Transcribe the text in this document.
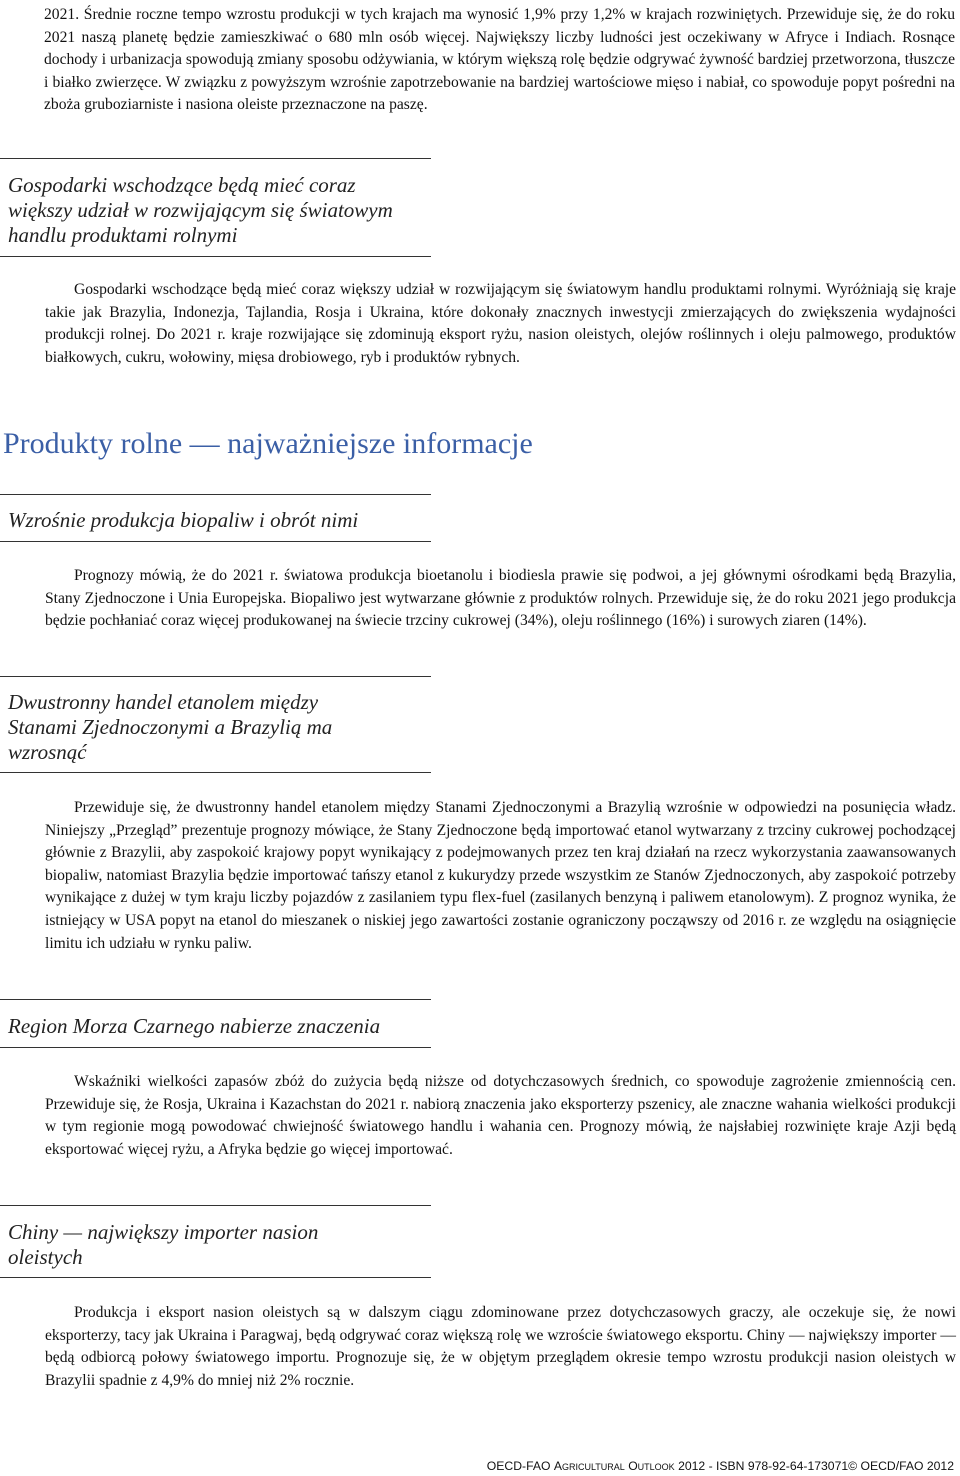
2021. Średnie roczne tempo wzrostu produkcji w tych krajach ma wynosić 1,9% przy 1,2% w krajach rozwiniętych. Przewiduje się, że do roku 2021 naszą planetę będzie zamieszkiwać o 680 mln osób więcej. Największy liczby ludności jest oczekiwany w Afryce i Indiach. Rosnące dochody i urbanizacja spowodują zmiany sposobu odżywiania, w którym większą rolę będzie odgrywać żywność bardziej przetworzona, tłuszcze i białko zwierzęce. W związku z powyższym wzrośnie zapotrzebowanie na bardziej wartościowe mięso i nabiał, co spowoduje popyt pośredni na zboża gruboziarniste i nasiona oleiste przeznaczone na paszę.

Gospodarki wschodzące będą mieć coraz większy udział w rozwijającym się światowym handlu produktami rolnymi

Gospodarki wschodzące będą mieć coraz większy udział w rozwijającym się światowym handlu produktami rolnymi. Wyróżniają się kraje takie jak Brazylia, Indonezja, Tajlandia, Rosja i Ukraina, które dokonały znacznych inwestycji zmierzających do zwiększenia wydajności produkcji rolnej. Do 2021 r. kraje rozwijające się zdominują eksport ryżu, nasion oleistych, olejów roślinnych i oleju palmowego, produktów białkowych, cukru, wołowiny, mięsa drobiowego, ryb i produktów rybnych.

Produkty rolne — najważniejsze informacje

Wzrośnie produkcja biopaliw i obrót nimi

Prognozy mówią, że do 2021 r. światowa produkcja bioetanolu i biodiesla prawie się podwoi, a jej głównymi ośrodkami będą Brazylia, Stany Zjednoczone i Unia Europejska. Biopaliwo jest wytwarzane głównie z produktów rolnych. Przewiduje się, że do roku 2021 jego produkcja będzie pochłaniać coraz więcej produkowanej na świecie trzciny cukrowej (34%), oleju roślinnego (16%) i surowych ziaren (14%).

Dwustronny handel etanolem między Stanami Zjednoczonymi a Brazylią ma wzrosnąć

Przewiduje się, że dwustronny handel etanolem między Stanami Zjednoczonymi a Brazylią wzrośnie w odpowiedzi na posunięcia władz. Niniejszy „Przegląd” prezentuje prognozy mówiące, że Stany Zjednoczone będą importować etanol wytwarzany z trzciny cukrowej pochodzącej głównie z Brazylii, aby zaspokoić krajowy popyt wynikający z podejmowanych przez ten kraj działań na rzecz wykorzystania zaawansowanych biopaliw, natomiast Brazylia będzie importować tańszy etanol z kukurydzy przede wszystkim ze Stanów Zjednoczonych, aby zaspokoić potrzeby wynikające z dużej w tym kraju liczby pojazdów z zasilaniem typu flex-fuel (zasilanych benzyną i paliwem etanolowym). Z prognoz wynika, że istniejący w USA popyt na etanol do mieszanek o niskiej jego zawartości zostanie ograniczony począwszy od 2016 r. ze względu na osiągnięcie limitu ich udziału w rynku paliw.

Region Morza Czarnego nabierze znaczenia

Wskaźniki wielkości zapasów zbóż do zużycia będą niższe od dotychczasowych średnich, co spowoduje zagrożenie zmiennością cen. Przewiduje się, że Rosja, Ukraina i Kazachstan do 2021 r. nabiorą znaczenia jako eksporterzy pszenicy, ale znaczne wahania wielkości produkcji w tym regionie mogą powodować chwiejność światowego handlu i wahania cen. Prognozy mówią, że najsłabiej rozwinięte kraje Azji będą eksportować więcej ryżu, a Afryka będzie go więcej importować.

Chiny — największy importer nasion oleistych

Produkcja i eksport nasion oleistych są w dalszym ciągu zdominowane przez dotychczasowych graczy, ale oczekuje się, że nowi eksporterzy, tacy jak Ukraina i Paragwaj, będą odgrywać coraz większą rolę we wzroście światowego eksportu. Chiny — największy importer — będą odbiorcą połowy światowego importu. Prognozuje się, że w objętym przeglądem okresie tempo wzrostu produkcji nasion oleistych w Brazylii spadnie z 4,9% do mniej niż 2% rocznie.

OECD-FAO Agricultural Outlook 2012 - ISBN 978-92-64-173071© OECD/FAO 2012
